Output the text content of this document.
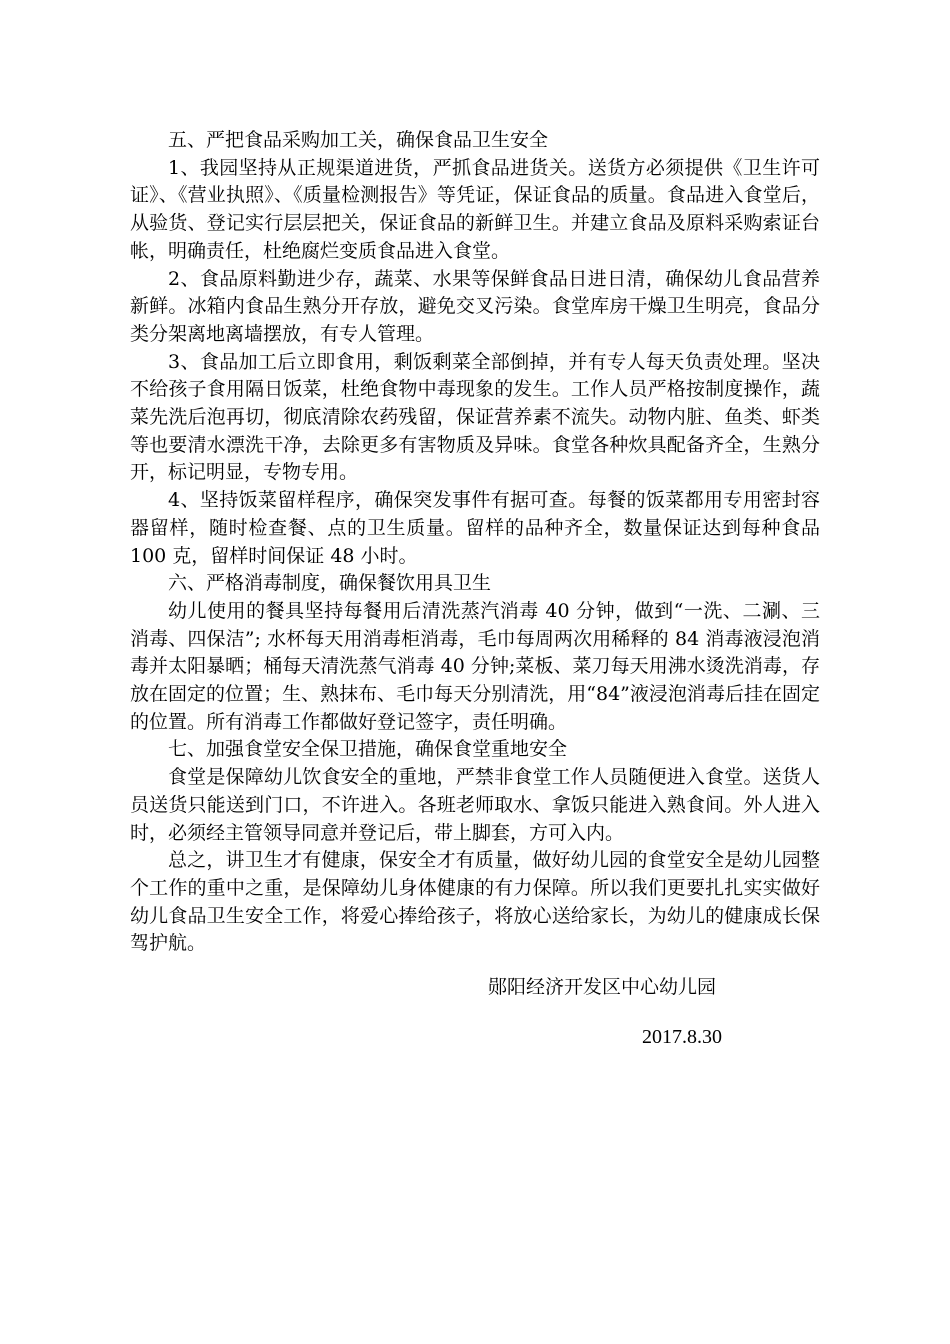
五、严把食品采购加工关，确保食品卫生安全

1、我园坚持从正规渠道进货，严抓食品进货关。送货方必须提供《卫生许可证》、《营业执照》、《质量检测报告》等凭证，保证食品的质量。食品进入食堂后，从验货、登记实行层层把关，保证食品的新鲜卫生。并建立食品及原料采购索证台帐，明确责任，杜绝腐烂变质食品进入食堂。

2、食品原料勤进少存，蔬菜、水果等保鲜食品日进日清，确保幼儿食品营养新鲜。冰箱内食品生熟分开存放，避免交叉污染。食堂库房干燥卫生明亮，食品分类分架离地离墙摆放，有专人管理。

3、食品加工后立即食用，剩饭剩菜全部倒掉，并有专人每天负责处理。坚决不给孩子食用隔日饭菜，杜绝食物中毒现象的发生。工作人员严格按制度操作，蔬菜先洗后泡再切，彻底清除农药残留，保证营养素不流失。动物内脏、鱼类、虾类等也要清水漂洗干净，去除更多有害物质及异味。食堂各种炊具配备齐全，生熟分开，标记明显，专物专用。

4、坚持饭菜留样程序，确保突发事件有据可查。每餐的饭菜都用专用密封容器留样，随时检查餐、点的卫生质量。留样的品种齐全，数量保证达到每种食品 100 克，留样时间保证 48 小时。

六、严格消毒制度，确保餐饮用具卫生

幼儿使用的餐具坚持每餐用后清洗蒸汽消毒 40 分钟，做到“一洗、二涮、三消毒、四保洁”; 水杯每天用消毒柜消毒，毛巾每周两次用稀释的 84 消毒液浸泡消毒并太阳暴晒；桶每天清洗蒸气消毒 40 分钟;菜板、菜刀每天用沸水烫洗消毒，存放在固定的位置；生、熟抹布、毛巾每天分别清洗，用“84”液浸泡消毒后挂在固定的位置。所有消毒工作都做好登记签字，责任明确。

七、加强食堂安全保卫措施，确保食堂重地安全

食堂是保障幼儿饮食安全的重地，严禁非食堂工作人员随便进入食堂。送货人员送货只能送到门口，不许进入。各班老师取水、拿饭只能进入熟食间。外人进入时，必须经主管领导同意并登记后，带上脚套，方可入内。

总之，讲卫生才有健康，保安全才有质量，做好幼儿园的食堂安全是幼儿园整个工作的重中之重，是保障幼儿身体健康的有力保障。所以我们更要扎扎实实做好幼儿食品卫生安全工作，将爱心捧给孩子，将放心送给家长，为幼儿的健康成长保驾护航。

郧阳经济开发区中心幼儿园
2017.8.30
